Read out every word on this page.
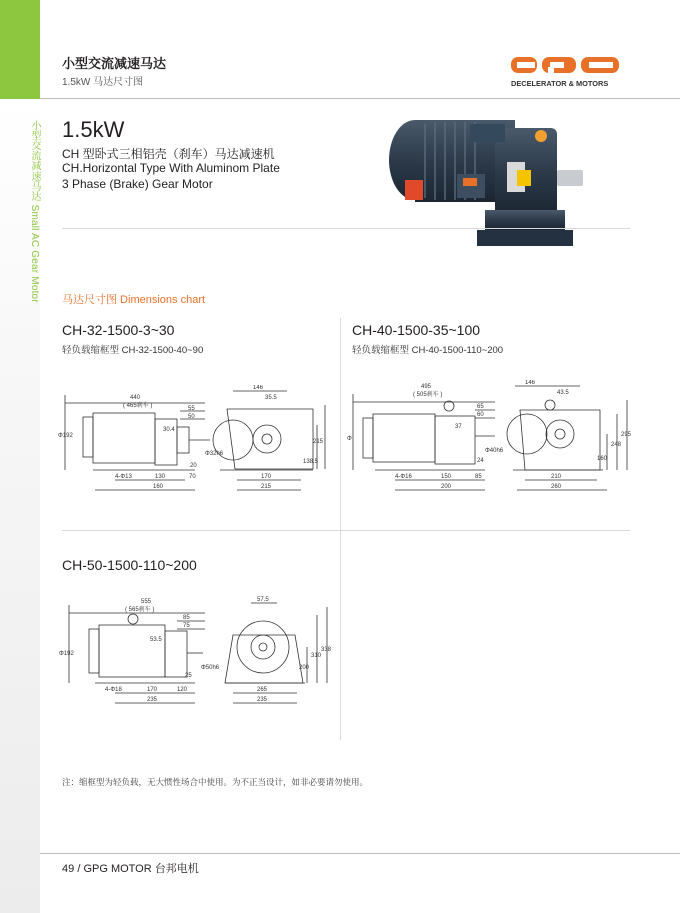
小型交流减速马达 Small AC Gear Motor
小型交流减速马达
1.5kW 马达尺寸图	DECELERATOR & MOTORS
1.5kW
CH 型卧式三相铝壳（刹车）马达减速机
CH.Horizontal Type With Aluminom Plate
3 Phase (Brake) Gear Motor
马达尺寸图 Dimensions chart
CH-32-1500-3~30
轻负载缩框型 CH-32-1500-40~90
CH-40-1500-35~100
轻负载缩框型 CH-40-1500-110~200
CH-50-1500-110~200
Φ192
440
( 465刹车 )	55
50
30.4
Φ32h6
20
4-Φ13	130	70
160
146
35.5
138.5
215
170
215
Φ
495
( 505刹车 )
65
60
37
Φ40h6
24
4-Φ16	150	85
200
146
43.5
160
248
295
210
260
Φ192
555
( 565刹车 )
85
75
53.5
Φ50h6
25
4-Φ18	170	120
235
57.5
200
310
338
265
235
注：缩框型为轻负载，无大惯性场合中使用。为不正当设计，如非必要请勿使用。
49 / GPG MOTOR 台邦电机
